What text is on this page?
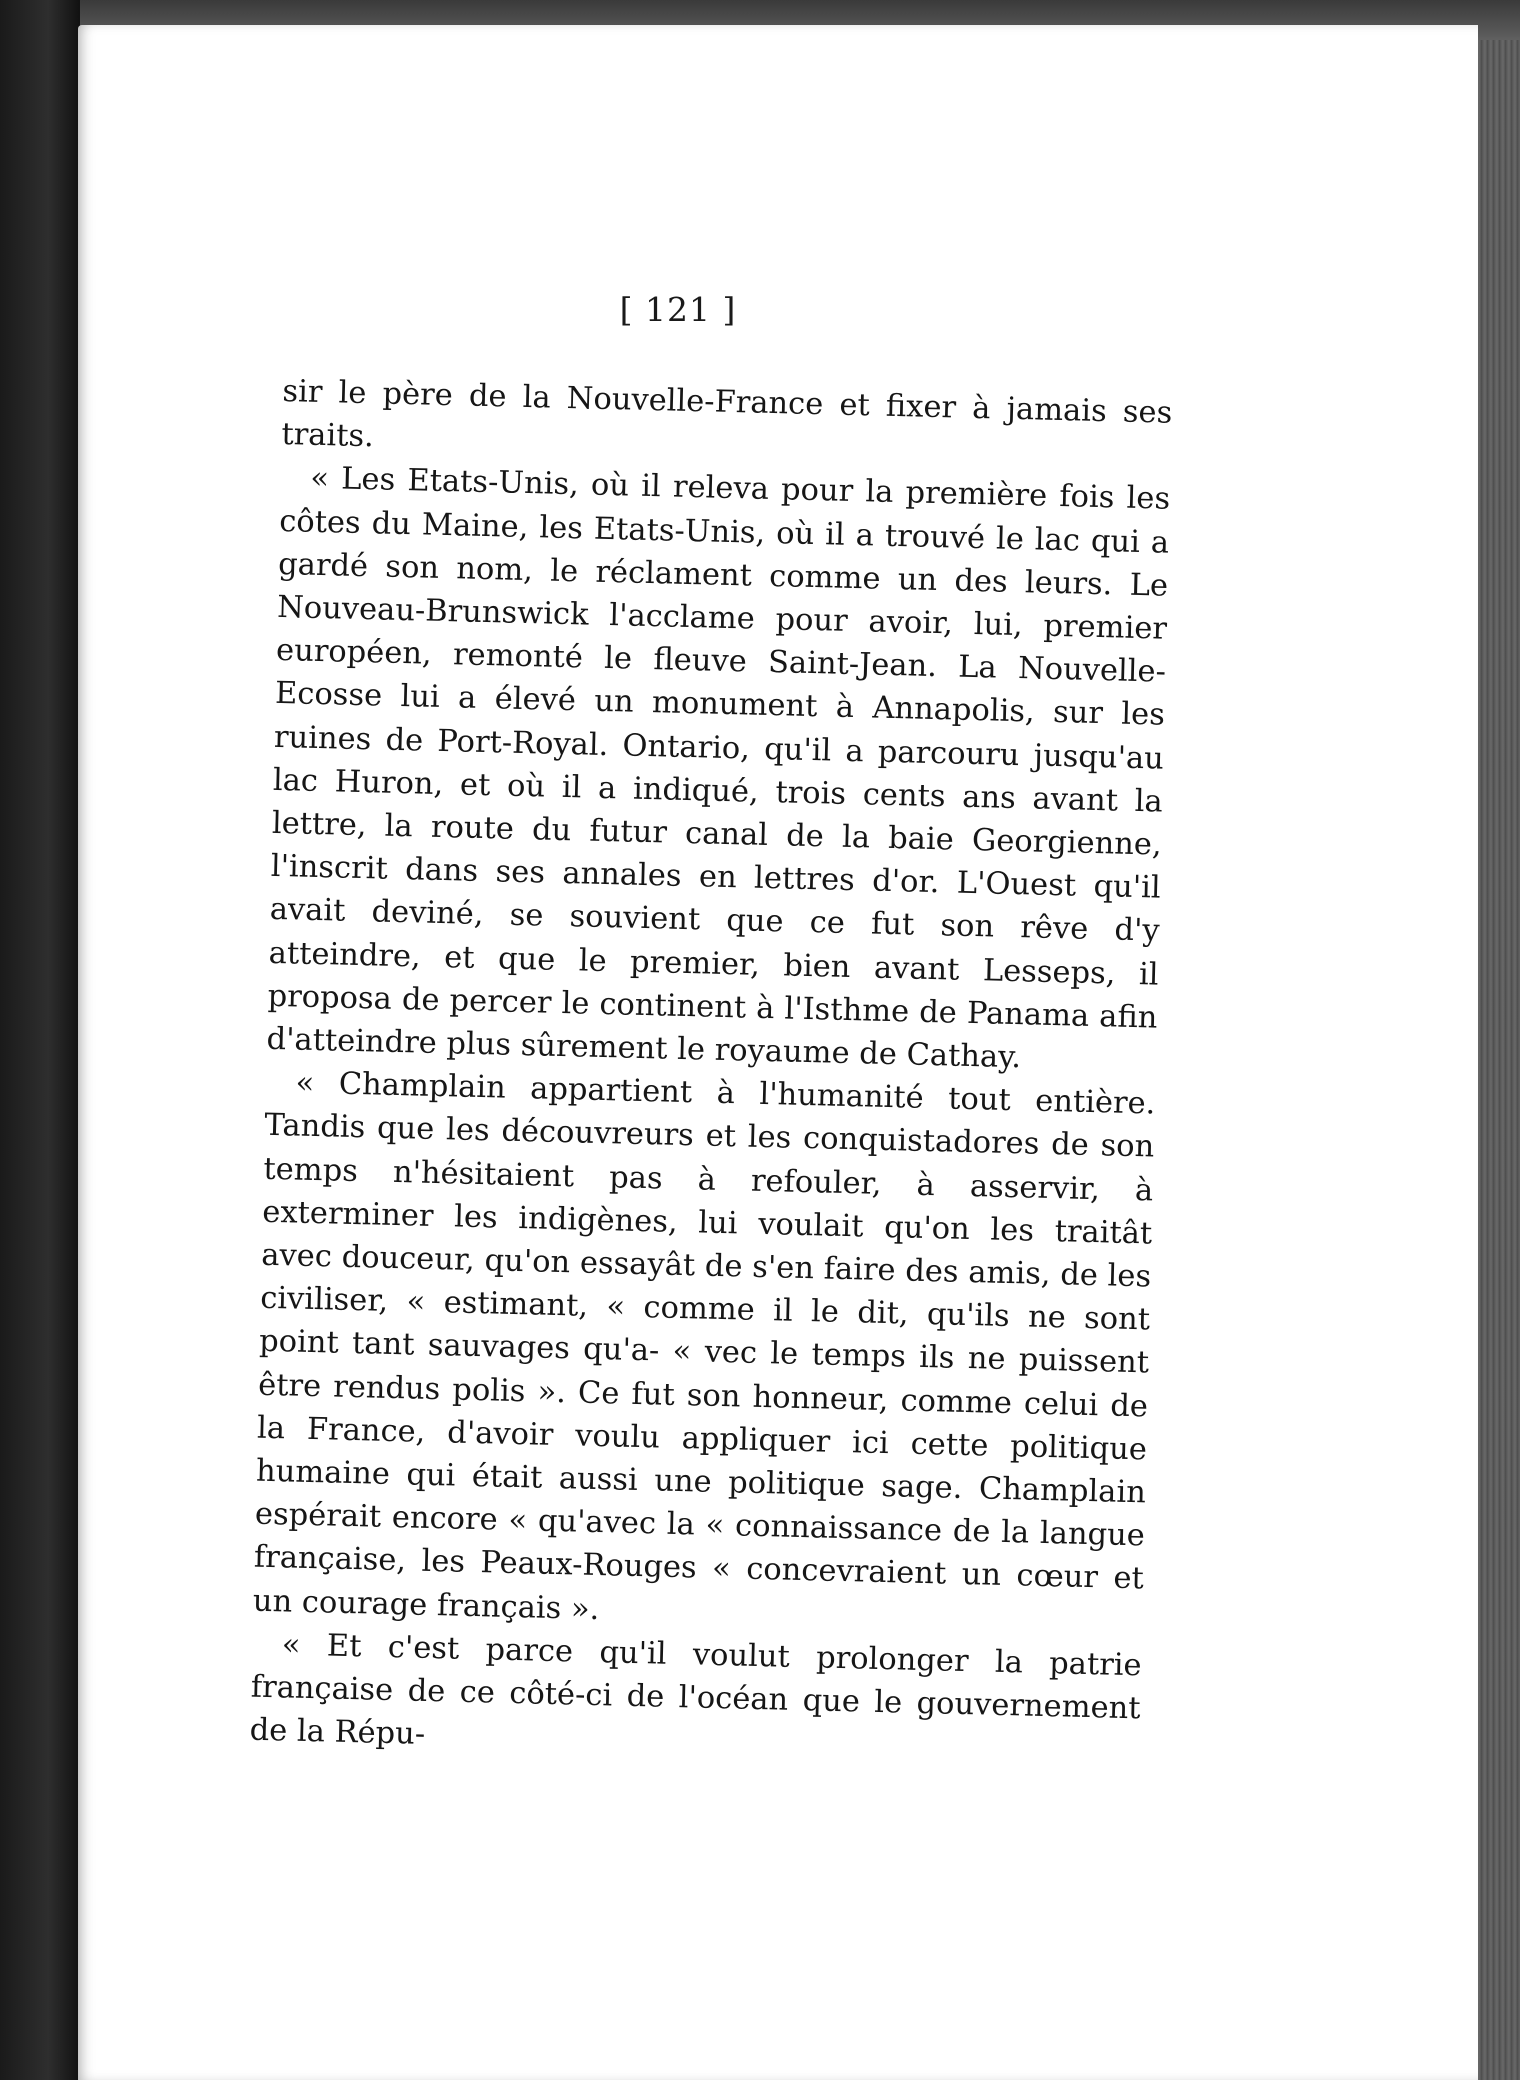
[ 121 ]

sir le père de la Nouvelle-France et fixer à jamais ses traits.

« Les Etats-Unis, où il releva pour la première fois les côtes du Maine, les Etats-Unis, où il a trouvé le lac qui a gardé son nom, le réclament comme un des leurs. Le Nouveau-Brunswick l'acclame pour avoir, lui, premier européen, remonté le fleuve Saint-Jean. La Nouvelle-Ecosse lui a élevé un monument à Annapolis, sur les ruines de Port-Royal. Ontario, qu'il a parcouru jusqu'au lac Huron, et où il a indiqué, trois cents ans avant la lettre, la route du futur canal de la baie Georgienne, l'inscrit dans ses annales en lettres d'or. L'Ouest qu'il avait deviné, se souvient que ce fut son rêve d'y atteindre, et que le premier, bien avant Lesseps, il proposa de percer le continent à l'Isthme de Panama afin d'atteindre plus sûrement le royaume de Cathay.

« Champlain appartient à l'humanité tout entière. Tandis que les découvreurs et les conquistadores de son temps n'hésitaient pas à refouler, à asservir, à exterminer les indigènes, lui voulait qu'on les traitât avec douceur, qu'on essayât de s'en faire des amis, de les civiliser, « estimant, « comme il le dit, qu'ils ne sont point tant sauvages qu'a- « vec le temps ils ne puissent être rendus polis ». Ce fut son honneur, comme celui de la France, d'avoir voulu appliquer ici cette politique humaine qui était aussi une politique sage. Champlain espérait encore « qu'avec la « connaissance de la langue française, les Peaux-Rouges « concevraient un cœur et un courage français ».

« Et c'est parce qu'il voulut prolonger la patrie française de ce côté-ci de l'océan que le gouvernement de la Répu-
